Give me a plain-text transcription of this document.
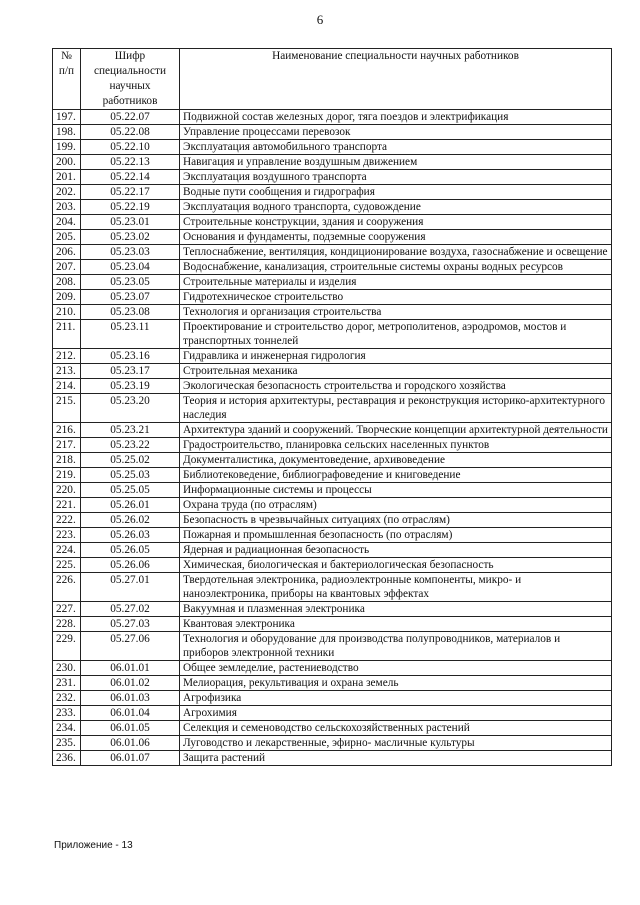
6
№ п/п	Шифр специальности научных работников	Наименование специальности научных работников
197.	05.22.07	Подвижной состав железных дорог, тяга поездов и электрификация
198.	05.22.08	Управление процессами перевозок
199.	05.22.10	Эксплуатация автомобильного транспорта
200.	05.22.13	Навигация и управление воздушным движением
201.	05.22.14	Эксплуатация воздушного транспорта
202.	05.22.17	Водные пути сообщения и гидрография
203.	05.22.19	Эксплуатация водного транспорта, судовождение
204.	05.23.01	Строительные конструкции, здания и сооружения
205.	05.23.02	Основания и фундаменты, подземные сооружения
206.	05.23.03	Теплоснабжение, вентиляция, кондиционирование воздуха, газоснабжение и освещение
207.	05.23.04	Водоснабжение, канализация, строительные системы охраны водных ресурсов
208.	05.23.05	Строительные материалы и изделия
209.	05.23.07	Гидротехническое строительство
210.	05.23.08	Технология и организация строительства
211.	05.23.11	Проектирование и строительство дорог, метрополитенов, аэродромов, мостов и транспортных тоннелей
212.	05.23.16	Гидравлика и инженерная гидрология
213.	05.23.17	Строительная механика
214.	05.23.19	Экологическая безопасность строительства и городского хозяйства
215.	05.23.20	Теория и история архитектуры, реставрация и реконструкция историко-архитектурного наследия
216.	05.23.21	Архитектура зданий и сооружений. Творческие концепции архитектурной деятельности
217.	05.23.22	Градостроительство, планировка сельских населенных пунктов
218.	05.25.02	Документалистика, документоведение, архивоведение
219.	05.25.03	Библиотековедение, библиографоведение и книговедение
220.	05.25.05	Информационные системы и процессы
221.	05.26.01	Охрана труда (по отраслям)
222.	05.26.02	Безопасность в чрезвычайных ситуациях (по отраслям)
223.	05.26.03	Пожарная и промышленная безопасность (по отраслям)
224.	05.26.05	Ядерная и радиационная безопасность
225.	05.26.06	Химическая, биологическая и бактериологическая безопасность
226.	05.27.01	Твердотельная электроника, радиоэлектронные компоненты, микро- и наноэлектроника, приборы на квантовых эффектах
227.	05.27.02	Вакуумная и плазменная электроника
228.	05.27.03	Квантовая электроника
229.	05.27.06	Технология и оборудование для производства полупроводников, материалов и приборов электронной техники
230.	06.01.01	Общее земледелие, растениеводство
231.	06.01.02	Мелиорация, рекультивация и охрана земель
232.	06.01.03	Агрофизика
233.	06.01.04	Агрохимия
234.	06.01.05	Селекция и семеноводство сельскохозяйственных растений
235.	06.01.06	Луговодство и лекарственные, эфирно- масличные культуры
236.	06.01.07	Защита растений
Приложение - 13
